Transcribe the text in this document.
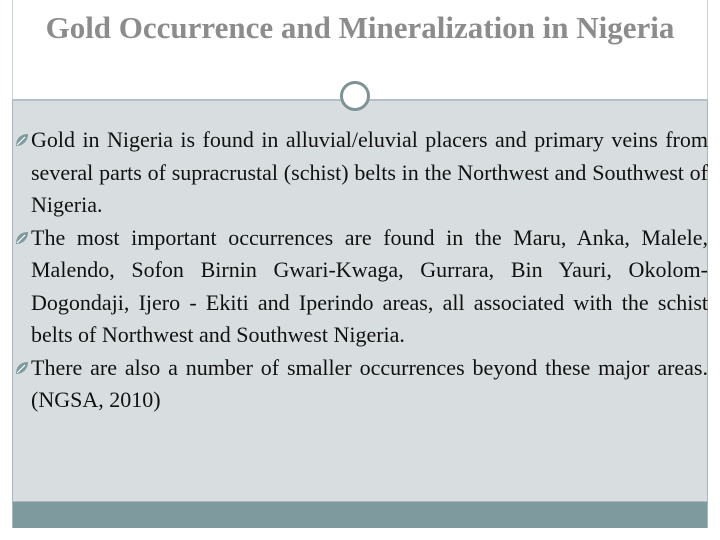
Gold Occurrence and Mineralization in Nigeria
Gold in Nigeria is found in alluvial/eluvial placers and primary veins from several parts of supracrustal (schist) belts in the Northwest and Southwest of Nigeria.
The most important occurrences are found in the Maru, Anka, Malele, Malendo, Sofon Birnin Gwari-Kwaga, Gurrara, Bin Yauri, Okolom- Dogondaji, Ijero - Ekiti and Iperindo areas, all associated with the schist belts of Northwest and Southwest Nigeria.
There are also a number of smaller occurrences beyond these major areas. (NGSA, 2010)
